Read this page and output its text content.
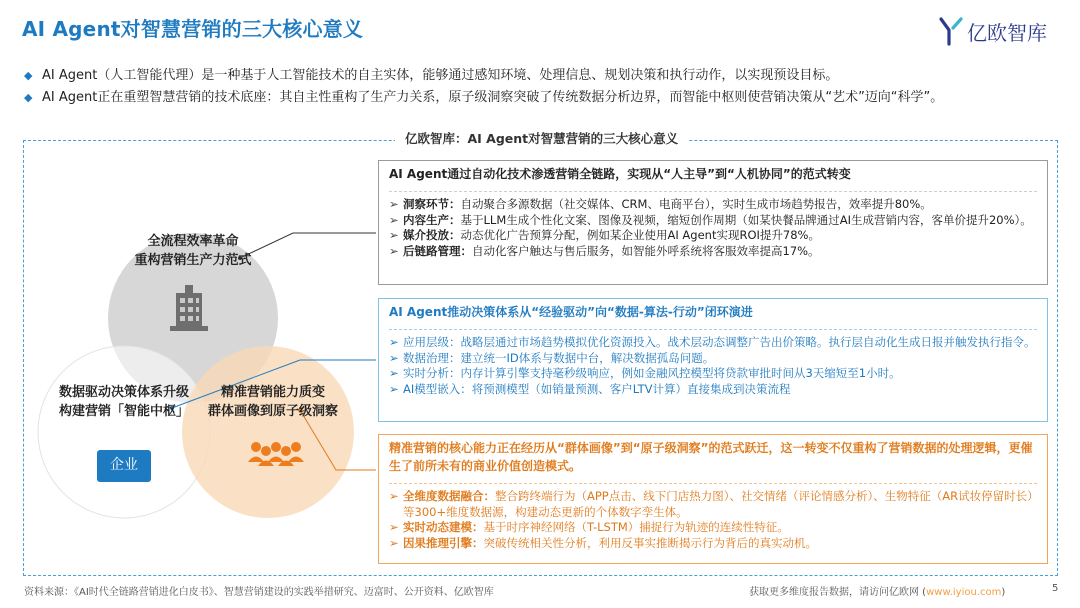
AI Agent对智慧营销的三大核心意义	亿欧智库
◆ AI Agent（人工智能代理）是一种基于人工智能技术的自主实体，能够通过感知环境、处理信息、规划决策和执行动作，以实现预设目标。
◆ AI Agent正在重塑智慧营销的技术底座：其自主性重构了生产力关系，原子级洞察突破了传统数据分析边界，而智能中枢则使营销决策从“艺术”迈向“科学”。
亿欧智库：AI Agent对智慧营销的三大核心意义
全流程效率革命
重构营销生产力范式
数据驱动决策体系升级
构建营销「智能中枢」
精准营销能力质变
群体画像到原子级洞察
企业
AI Agent通过自动化技术渗透营销全链路，实现从“人主导”到“人机协同”的范式转变
➢ 洞察环节：自动聚合多源数据（社交媒体、CRM、电商平台），实时生成市场趋势报告，效率提升80%。
➢ 内容生产：基于LLM生成个性化文案、图像及视频，缩短创作周期（如某快餐品牌通过AI生成营销内容，客单价提升20%）。
➢ 媒介投放：动态优化广告预算分配，例如某企业使用AI Agent实现ROI提升78%。
➢ 后链路管理：自动化客户触达与售后服务，如智能外呼系统将客服效率提高17%。
AI Agent推动决策体系从“经验驱动”向“数据-算法-行动”闭环演进
➢ 应用层级：战略层通过市场趋势模拟优化资源投入。战术层动态调整广告出价策略。执行层自动化生成日报并触发执行指令。
➢ 数据治理：建立统一ID体系与数据中台，解决数据孤岛问题。
➢ 实时分析：内存计算引擎支持毫秒级响应，例如金融风控模型将贷款审批时间从3天缩短至1小时。
➢ AI模型嵌入：将预测模型（如销量预测、客户LTV计算）直接集成到决策流程
精准营销的核心能力正在经历从“群体画像”到“原子级洞察”的范式跃迁，这一转变不仅重构了营销数据的处理逻辑，更催生了前所未有的商业价值创造模式。
➢ 全维度数据融合：整合跨终端行为（APP点击、线下门店热力图）、社交情绪（评论情感分析）、生物特征（AR试妆停留时长）等300+维度数据源，构建动态更新的个体数字孪生体。
➢ 实时动态建模：基于时序神经网络（T-LSTM）捕捉行为轨迹的连续性特征。
➢ 因果推理引擎：突破传统相关性分析，利用反事实推断揭示行为背后的真实动机。
资料来源：《AI时代全链路营销进化白皮书》、智慧营销建设的实践举措研究、迈富时、公开资料、亿欧智库	获取更多维度报告数据，请访问亿欧网 (www.iyiou.com)	5
